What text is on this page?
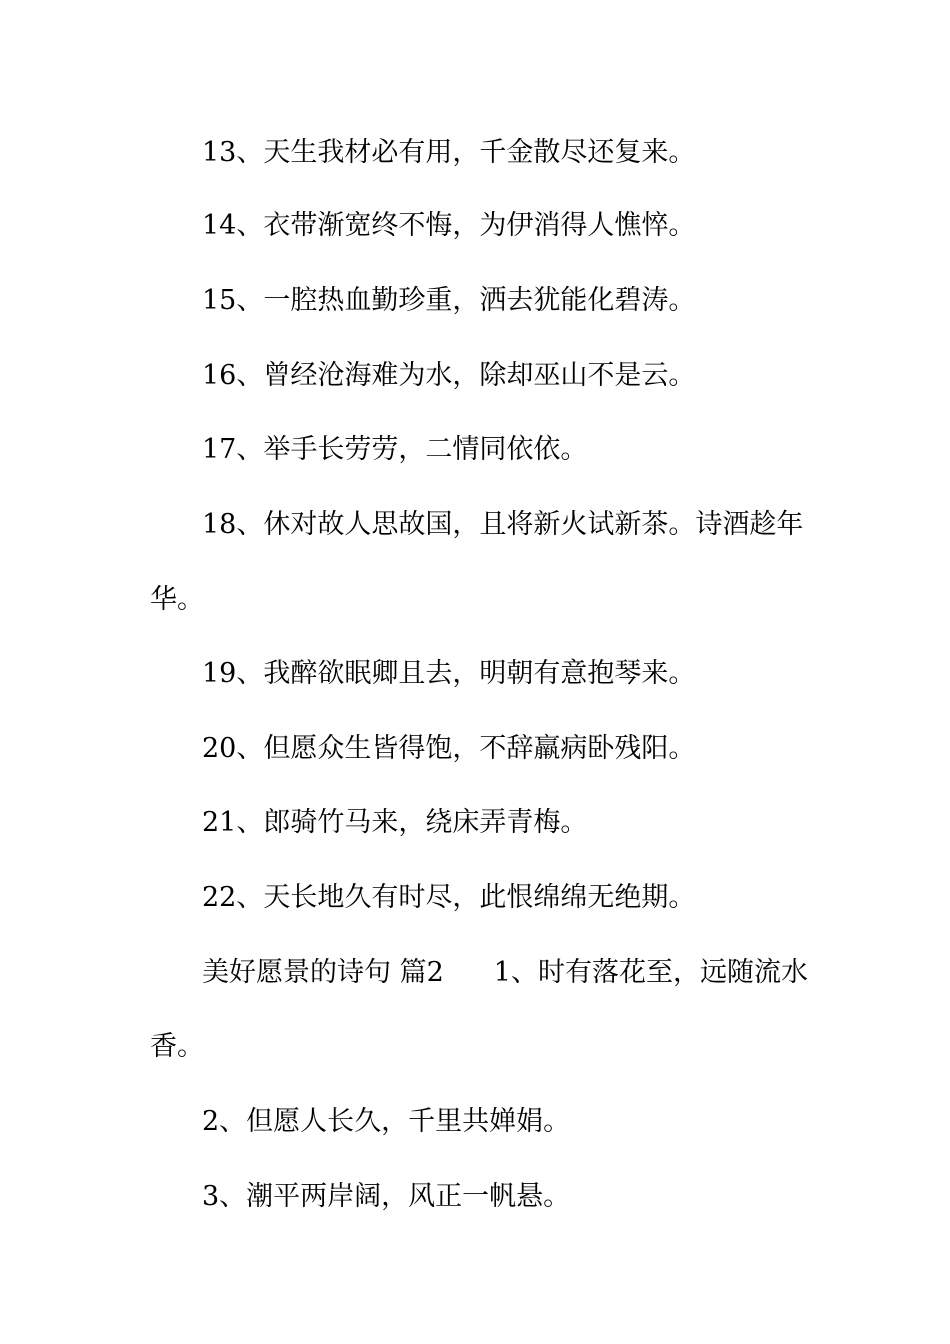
13、天生我材必有用，千金散尽还复来。
14、衣带渐宽终不悔，为伊消得人憔悴。
15、一腔热血勤珍重，洒去犹能化碧涛。
16、曾经沧海难为水，除却巫山不是云。
17、举手长劳劳，二情同依依。
18、休对故人思故国，且将新火试新茶。诗酒趁年
华。
19、我醉欲眠卿且去，明朝有意抱琴来。
20、但愿众生皆得饱，不辞羸病卧残阳。
21、郎骑竹马来，绕床弄青梅。
22、天长地久有时尽，此恨绵绵无绝期。
美好愿景的诗句 篇2 1、时有落花至，远随流水
香。
2、但愿人长久，千里共婵娟。
3、潮平两岸阔，风正一帆悬。
